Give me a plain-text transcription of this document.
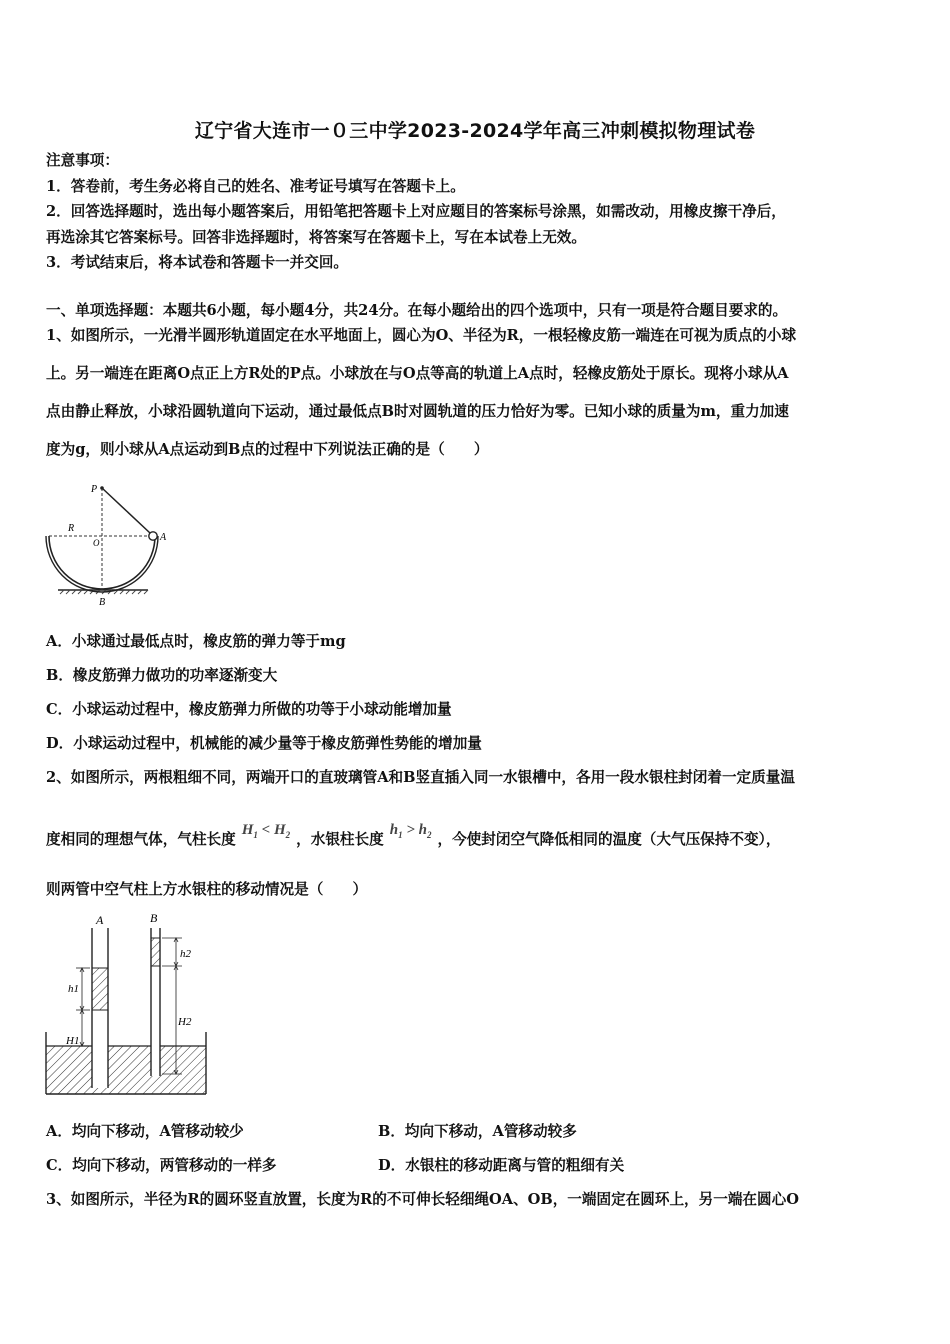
辽宁省大连市一０三中学2023-2024学年高三冲刺模拟物理试卷
注意事项：
1．答卷前，考生务必将自己的姓名、准考证号填写在答题卡上。
2．回答选择题时，选出每小题答案后，用铅笔把答题卡上对应题目的答案标号涂黑，如需改动，用橡皮擦干净后，
再选涂其它答案标号。回答非选择题时，将答案写在答题卡上，写在本试卷上无效。
3．考试结束后，将本试卷和答题卡一并交回。
一、单项选择题：本题共6小题，每小题4分，共24分。在每小题给出的四个选项中，只有一项是符合题目要求的。
1、如图所示，一光滑半圆形轨道固定在水平地面上，圆心为O、半径为R，一根轻橡皮筋一端连在可视为质点的小球
上。另一端连在距离O点正上方R处的P点。小球放在与O点等高的轨道上A点时，轻橡皮筋处于原长。现将小球从A
点由静止释放，小球沿圆轨道向下运动，通过最低点B时对圆轨道的压力恰好为零。已知小球的质量为m，重力加速
度为g，则小球从A点运动到B点的过程中下列说法正确的是（　　）
P
R
O	A
B
A．小球通过最低点时，橡皮筋的弹力等于mg
B．橡皮筋弹力做功的功率逐渐变大
C．小球运动过程中，橡皮筋弹力所做的功等于小球动能增加量
D．小球运动过程中，机械能的减少量等于橡皮筋弹性势能的增加量
2、如图所示，两根粗细不同，两端开口的直玻璃管A和B竖直插入同一水银槽中，各用一段水银柱封闭着一定质量温
度相同的理想气体，气柱长度$H_1 < H_2$ ，水银柱长度$h_1 > h_2$ ，今使封闭空气降低相同的温度（大气压保持不变），
则两管中空气柱上方水银柱的移动情况是（　　）
A	B
h1
h2
H1
H2
A．均向下移动，A管移动较少	B．均向下移动，A管移动较多
C．均向下移动，两管移动的一样多	D．水银柱的移动距离与管的粗细有关
3、如图所示，半径为R的圆环竖直放置，长度为R的不可伸长轻细绳OA、OB，一端固定在圆环上，另一端在圆心O
